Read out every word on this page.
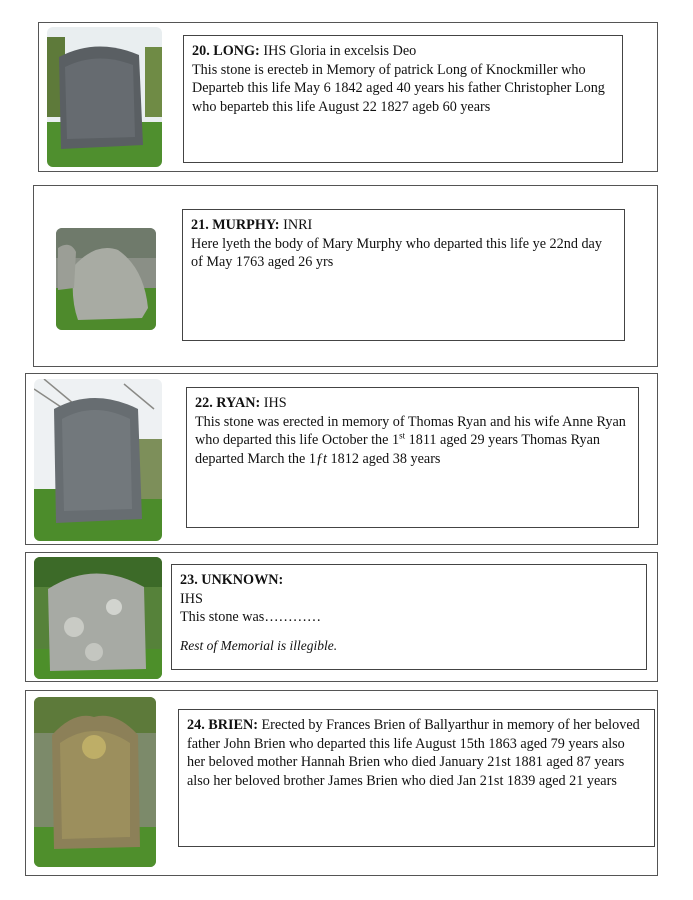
20. LONG: IHS Gloria in excelsis Deo
This stone is erecteb in Memory of patrick Long of Knockmiller who Departeb this life May 6 1842 aged 40 years his father Christopher Long who bеparteb this life August 22 1827 ageb 60 years
21. MURPHY: INRI
Here lyeth the body of Mary Murphy who departed this life ye 22nd day of May 1763 aged 26 yrs
22. RYAN: IHS
This stone was erected in memory of Thomas Ryan and his wife Anne Ryan who departed this life October the 1st 1811 aged 29 years Thomas Ryan departed March the 1ƒt 1812 aged 38 years
23. UNKNOWN:
IHS
This stone was…………

Rest of Memorial is illegible.
24. BRIEN: Erected by Frances Brien of Ballyarthur in memory of her beloved father John Brien who departed this life August 15th 1863 aged 79 years also her beloved mother Hannah Brien who died January 21st 1881 aged 87 years also her beloved brother James Brien who died Jan 21st 1839 aged 21 years
